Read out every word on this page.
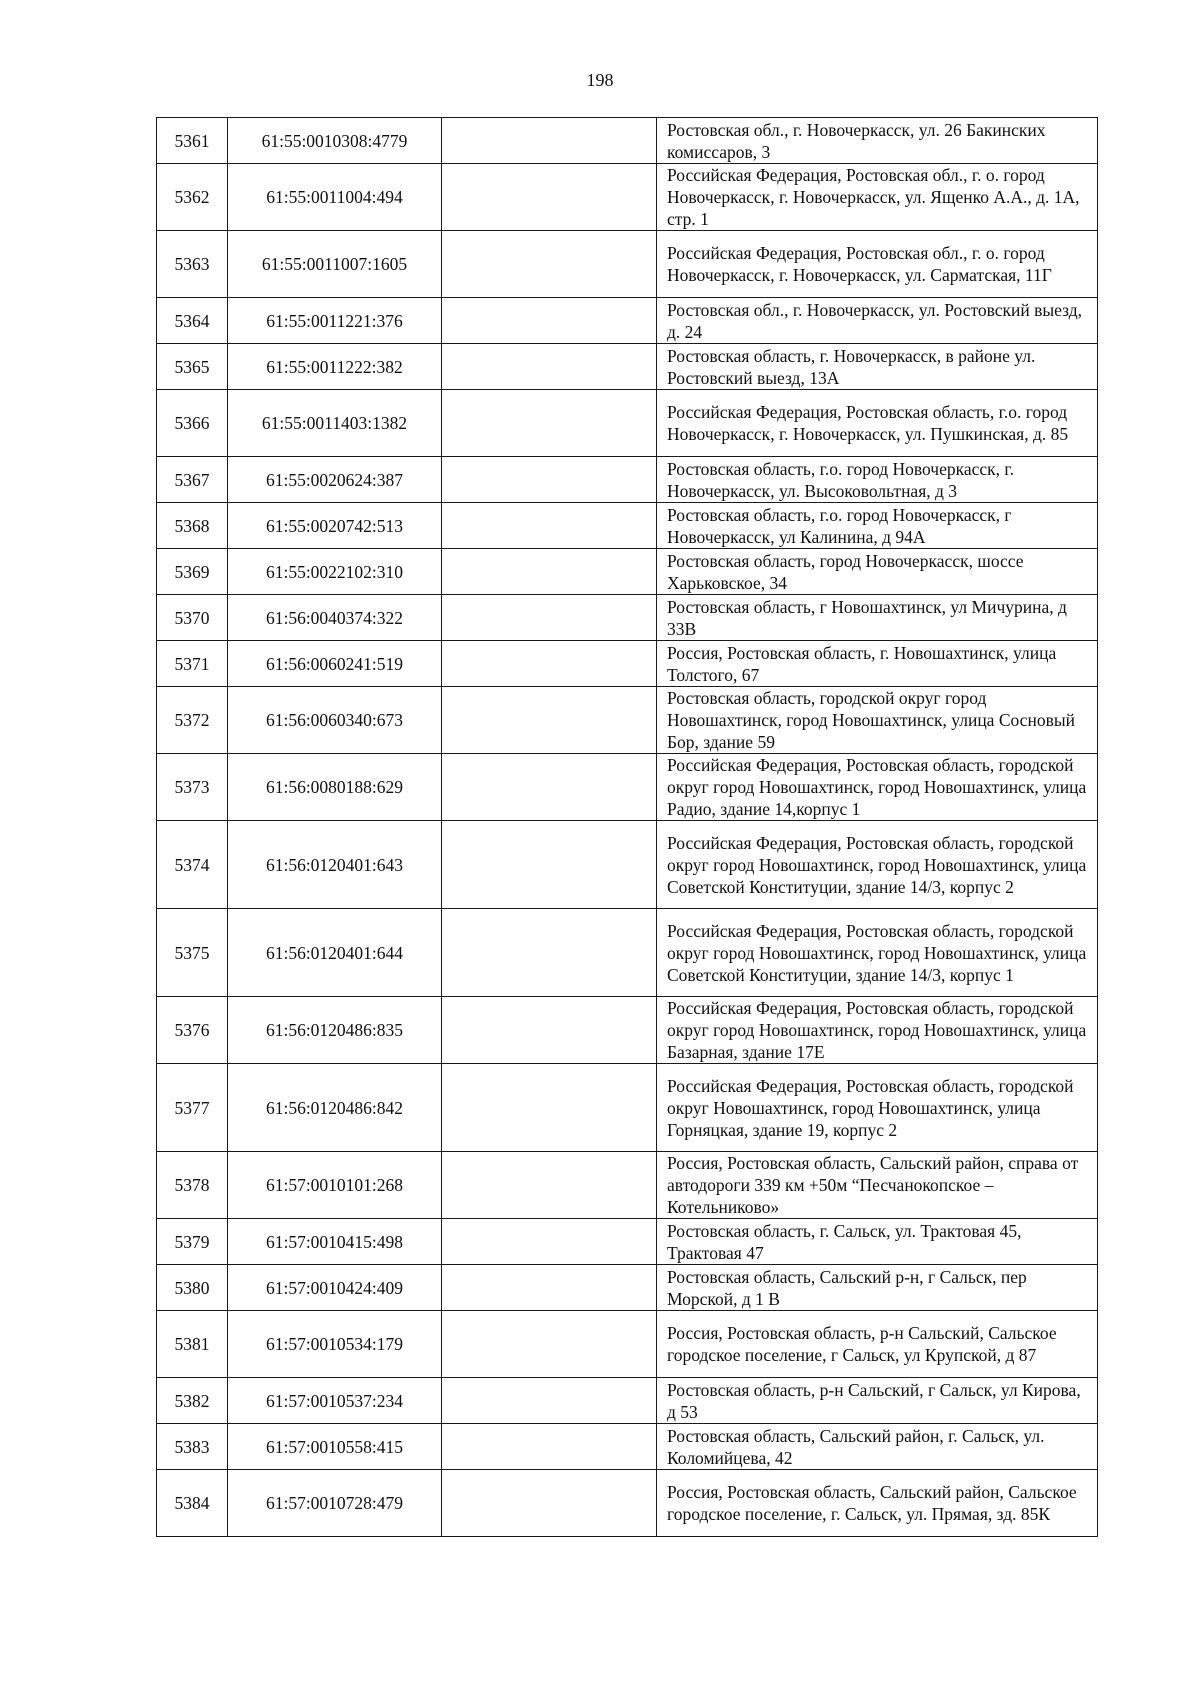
198
5361	61:55:0010308:4779		Ростовская обл., г. Новочеркасск, ул. 26 Бакинских комиссаров, 3
5362	61:55:0011004:494		Российская Федерация, Ростовская обл., г. о. город Новочеркасск, г. Новочеркасск, ул. Ященко А.А., д. 1А, стр. 1
5363	61:55:0011007:1605		Российская Федерация, Ростовская обл., г. о. город Новочеркасск, г. Новочеркасск, ул. Сарматская, 11Г
5364	61:55:0011221:376		Ростовская обл., г. Новочеркасск, ул. Ростовский выезд, д. 24
5365	61:55:0011222:382		Ростовская область, г. Новочеркасск, в районе ул. Ростовский выезд, 13А
5366	61:55:0011403:1382		Российская Федерация, Ростовская область, г.о. город Новочеркасск, г. Новочеркасск, ул. Пушкинская, д. 85
5367	61:55:0020624:387		Ростовская область, г.о. город Новочеркасск, г. Новочеркасск, ул. Высоковольтная, д 3
5368	61:55:0020742:513		Ростовская область, г.о. город Новочеркасск, г Новочеркасск, ул Калинина, д 94А
5369	61:55:0022102:310		Ростовская область, город Новочеркасск, шоссе Харьковское, 34
5370	61:56:0040374:322		Ростовская область, г Новошахтинск, ул Мичурина, д 33В
5371	61:56:0060241:519		Россия, Ростовская область, г. Новошахтинск, улица Толстого, 67
5372	61:56:0060340:673		Ростовская область, городской округ город Новошахтинск, город Новошахтинск, улица Сосновый Бор, здание 59
5373	61:56:0080188:629		Российская Федерация, Ростовская область, городской округ город Новошахтинск, город Новошахтинск, улица Радио, здание 14,корпус 1
5374	61:56:0120401:643		Российская Федерация, Ростовская область, городской округ город Новошахтинск, город Новошахтинск, улица Советской Конституции, здание 14/3, корпус 2
5375	61:56:0120401:644		Российская Федерация, Ростовская область, городской округ город Новошахтинск, город Новошахтинск, улица Советской Конституции, здание 14/3, корпус 1
5376	61:56:0120486:835		Российская Федерация, Ростовская область, городской округ город Новошахтинск, город Новошахтинск, улица Базарная, здание 17Е
5377	61:56:0120486:842		Российская Федерация, Ростовская область, городской округ Новошахтинск, город Новошахтинск, улица Горняцкая, здание 19, корпус 2
5378	61:57:0010101:268		Россия, Ростовская область, Сальский район, справа от автодороги 339 км +50м “Песчанокопское – Котельниково»
5379	61:57:0010415:498		Ростовская область, г. Сальск, ул. Трактовая 45, Трактовая 47
5380	61:57:0010424:409		Ростовская область, Сальский р-н, г Сальск, пер Морской, д 1 В
5381	61:57:0010534:179		Россия, Ростовская область, р-н Сальский, Сальское городское поселение, г Сальск, ул Крупской, д 87
5382	61:57:0010537:234		Ростовская область, р-н Сальский, г Сальск, ул Кирова, д 53
5383	61:57:0010558:415		Ростовская область, Сальский район, г. Сальск, ул. Коломийцева, 42
5384	61:57:0010728:479		Россия, Ростовская область, Сальский район, Сальское городское поселение, г. Сальск, ул. Прямая, зд. 85К
